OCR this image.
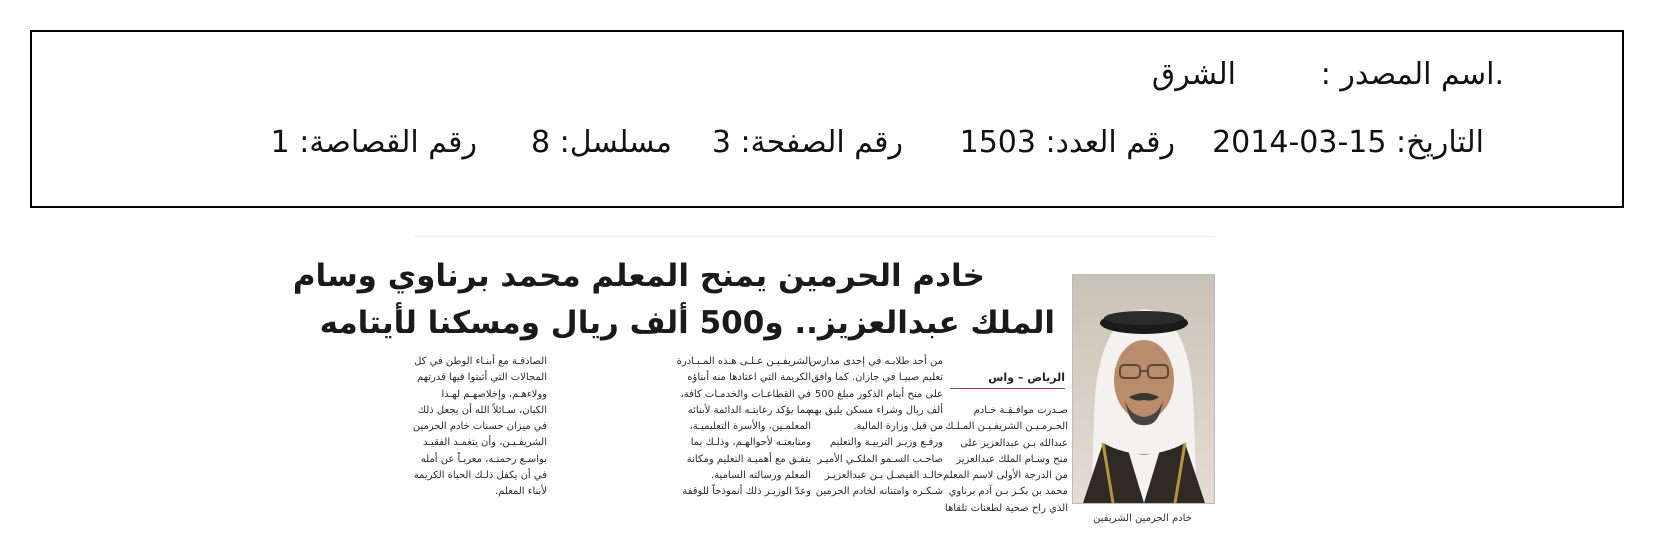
.اسم المصدر :
الشرق
التاريخ: 15-03-2014
رقم العدد: 1503
رقم الصفحة: 3
مسلسل: 8
رقم القصاصة: 1
خادم الحرمين يمنح المعلم محمد برناوي وسام
الملك عبدالعزيز.. و500 ألف ريال ومسكنا لأيتامه
خادم الحرمين الشريفين
الرياض – واس
صـدرت موافـقـة خـادم
الحـرمـيـن الشريفـيـن المـلـك
عبدالله بـن عبدالعزيز على
منح وسـام الملك عبدالعزيز
من الدرجة الأولى لاسم المعلم
محمد بن بكـر بـن آدم برناوي
الذي راح ضحية لطعنات تلقاها
من أحد طلابـه في إحدى مدارس
تعليم صبيـا في جازان. كما وافق
على منح أيتام الذكور مبلغ 500
ألف ريال وشراء مسكن يليق بهم
من قبل وزارة المالية.
ورفـع وزيـر التربيـة والتعليم
صاحـب السـمو الملكـي الأميـر
خالـد الفيصـل بـن عبدالعزيـز
شـكـره وامتنانه لخادم الحرمين
الشريفـيـن عـلـى هـذه المـبـادرة
الكريمة التي اعتادها منه أبناؤه
في القطاعـات والخدمـات كافة،
مما يؤكد رعايتـه الدائمة لأبنائه
المعلمـين، والأسرة التعليميـة،
ومتابعتـه لأحوالهـم، وذلـك بما
يتفـق مع أهميـة التعليم ومكانة
المعلم ورسالته السامية.
وعدّ الوزيـر ذلك أنموذجاً للوقفة
الصادقـة مع أبنـاء الوطن في كل
المجالات التي أثبتوا فيها قدرتهم
وولاءهـم، وإخلاصهـم لهـذا
الكيان، سـائلاً الله أن يجعل ذلك
في ميزان حسنات خادم الحرمين
الشريفـيـن، وأن يتغمـد الفقيـد
بواسـع رحمتـه، معربـاً عن أمله
في أن يكفل ذلـك الحياة الكريمة
لأبناء المعلم.
